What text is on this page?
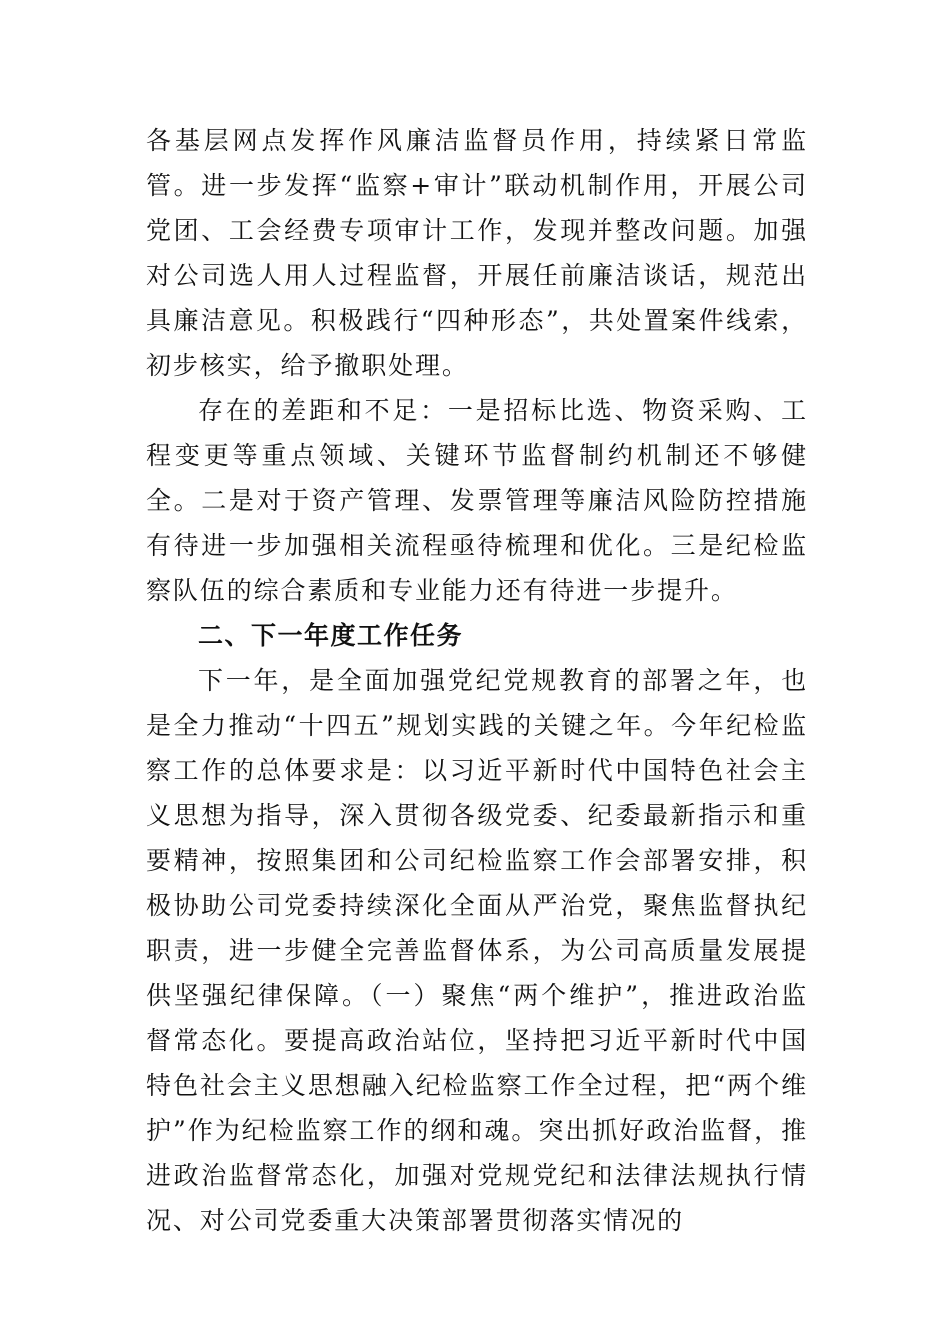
各基层网点发挥作风廉洁监督员作用，持续紧日常监管。进一步发挥“监察+审计”联动机制作用，开展公司党团、工会经费专项审计工作，发现并整改问题。加强对公司选人用人过程监督，开展任前廉洁谈话，规范出具廉洁意见。积极践行“四种形态”，共处置案件线索，初步核实，给予撤职处理。

存在的差距和不足：一是招标比选、物资采购、工程变更等重点领域、关键环节监督制约机制还不够健全。二是对于资产管理、发票管理等廉洁风险防控措施有待进一步加强相关流程亟待梳理和优化。三是纪检监察队伍的综合素质和专业能力还有待进一步提升。

二、下一年度工作任务

下一年，是全面加强党纪党规教育的部署之年，也是全力推动“十四五”规划实践的关键之年。今年纪检监察工作的总体要求是：以习近平新时代中国特色社会主义思想为指导，深入贯彻各级党委、纪委最新指示和重要精神，按照集团和公司纪检监察工作会部署安排，积极协助公司党委持续深化全面从严治党，聚焦监督执纪职责，进一步健全完善监督体系，为公司高质量发展提供坚强纪律保障。（一）聚焦“两个维护”，推进政治监督常态化。要提高政治站位，坚持把习近平新时代中国特色社会主义思想融入纪检监察工作全过程，把“两个维护”作为纪检监察工作的纲和魂。突出抓好政治监督，推进政治监督常态化，加强对党规党纪和法律法规执行情况、对公司党委重大决策部署贯彻落实情况的
